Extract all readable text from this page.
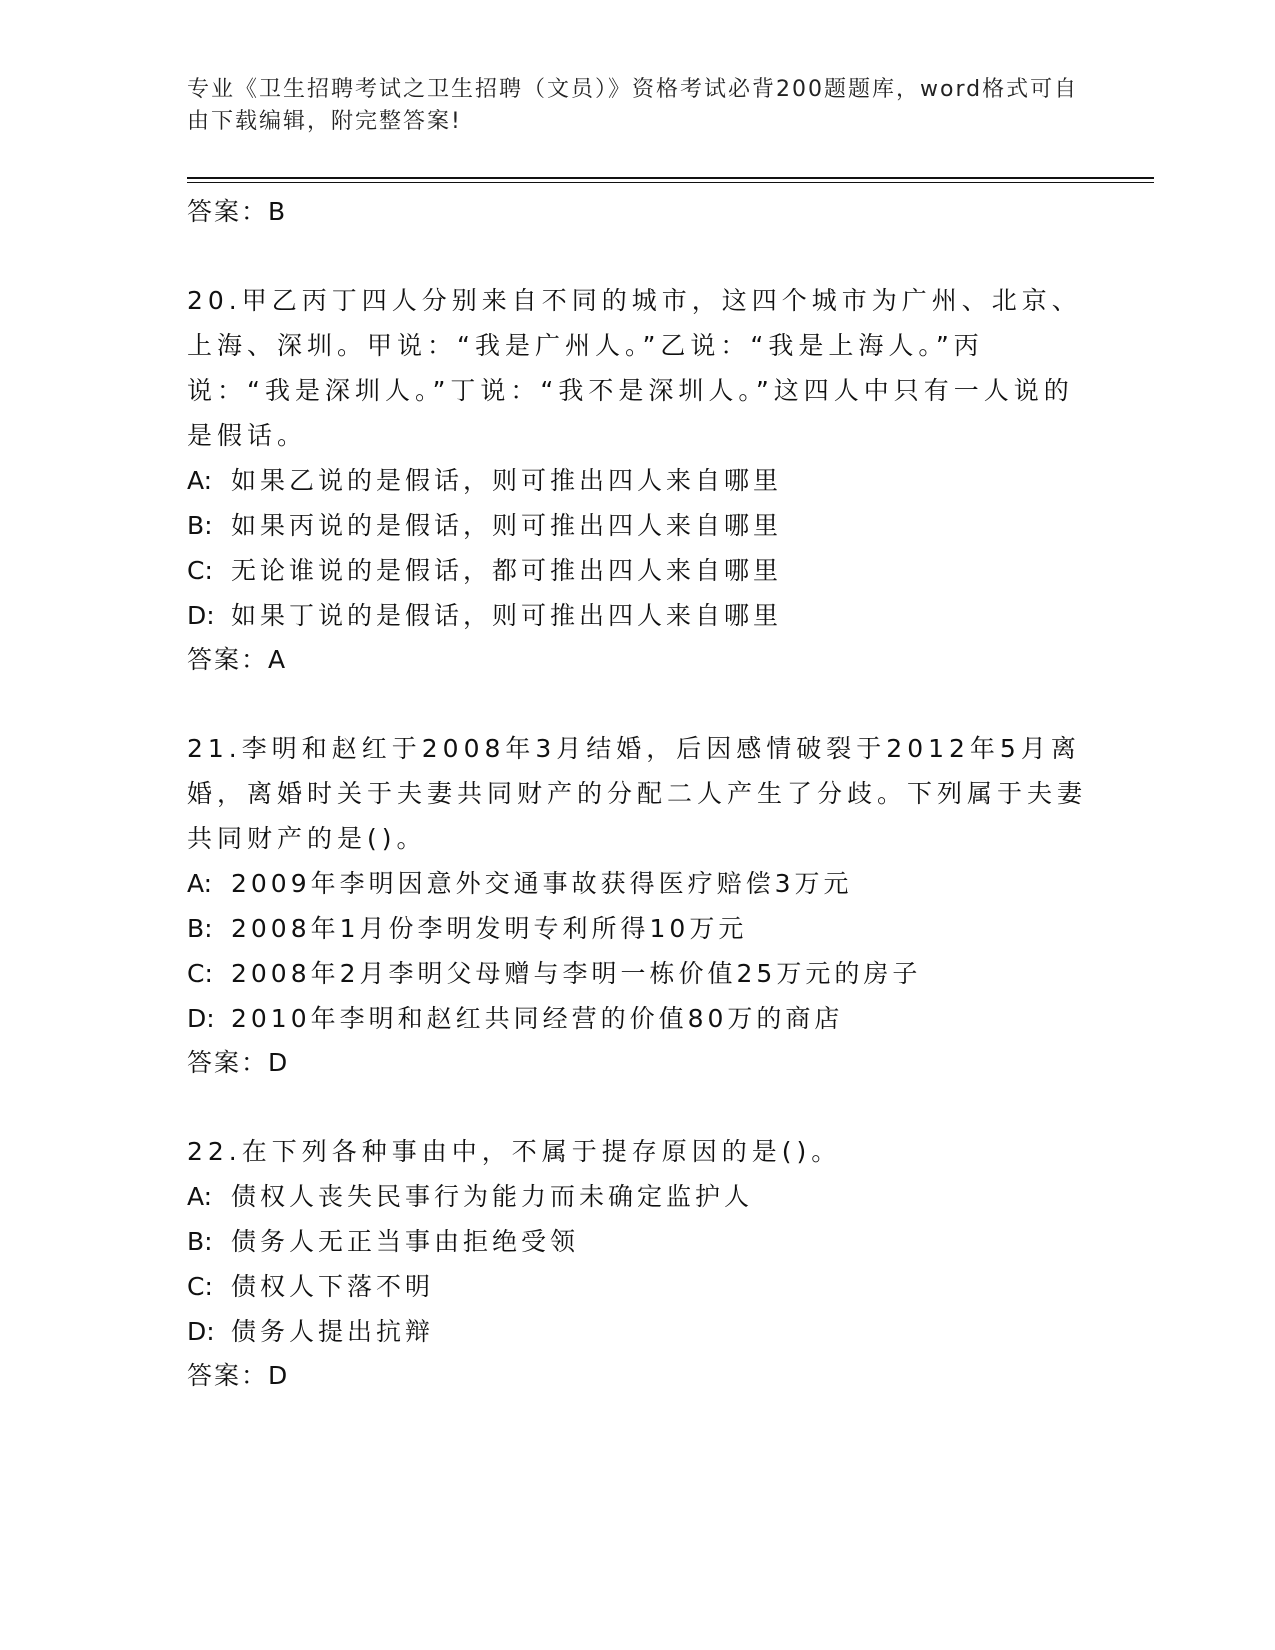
专业《卫生招聘考试之卫生招聘（文员）》资格考试必背200题题库，word格式可自由下载编辑，附完整答案!
答案：B
20.甲乙丙丁四人分别来自不同的城市，这四个城市为广州、北京、上海、深圳。甲说：“我是广州人。”乙说：“我是上海人。”丙说：“我是深圳人。”丁说：“我不是深圳人。”这四人中只有一人说的是假话。
A: 如果乙说的是假话，则可推出四人来自哪里
B: 如果丙说的是假话，则可推出四人来自哪里
C: 无论谁说的是假话，都可推出四人来自哪里
D: 如果丁说的是假话，则可推出四人来自哪里
答案：A
21.李明和赵红于2008年3月结婚，后因感情破裂于2012年5月离婚，离婚时关于夫妻共同财产的分配二人产生了分歧。下列属于夫妻共同财产的是()。
A: 2009年李明因意外交通事故获得医疗赔偿3万元
B: 2008年1月份李明发明专利所得10万元
C: 2008年2月李明父母赠与李明一栋价值25万元的房子
D: 2010年李明和赵红共同经营的价值80万的商店
答案：D
22.在下列各种事由中，不属于提存原因的是()。
A: 债权人丧失民事行为能力而未确定监护人
B: 债务人无正当事由拒绝受领
C: 债权人下落不明
D: 债务人提出抗辩
答案：D
